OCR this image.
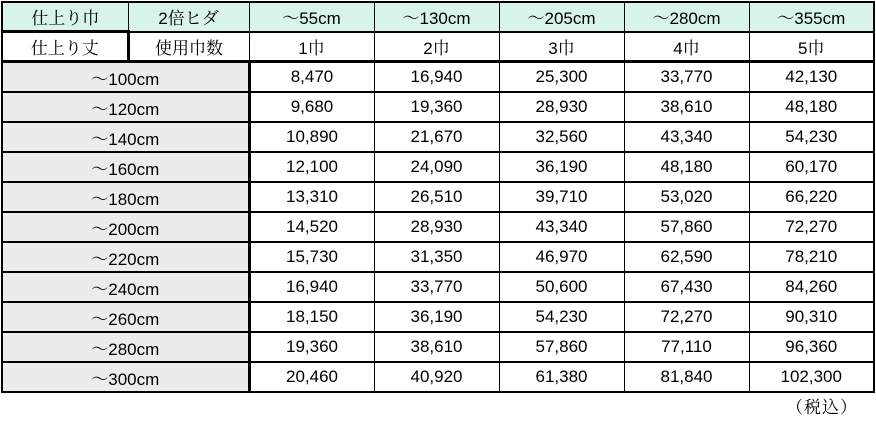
仕上り巾	2倍ヒダ	～55cm	～130cm	～205cm	～280cm	～355cm
仕上り丈	使用巾数	1巾	2巾	3巾	4巾	5巾
～100cm		8,470	16,940	25,300	33,770	42,130
～120cm		9,680	19,360	28,930	38,610	48,180
～140cm		10,890	21,670	32,560	43,340	54,230
～160cm		12,100	24,090	36,190	48,180	60,170
～180cm		13,310	26,510	39,710	53,020	66,220
～200cm		14,520	28,930	43,340	57,860	72,270
～220cm		15,730	31,350	46,970	62,590	78,210
～240cm		16,940	33,770	50,600	67,430	84,260
～260cm		18,150	36,190	54,230	72,270	90,310
～280cm		19,360	38,610	57,860	77,110	96,360
～300cm		20,460	40,920	61,380	81,840	102,300
（税込）
